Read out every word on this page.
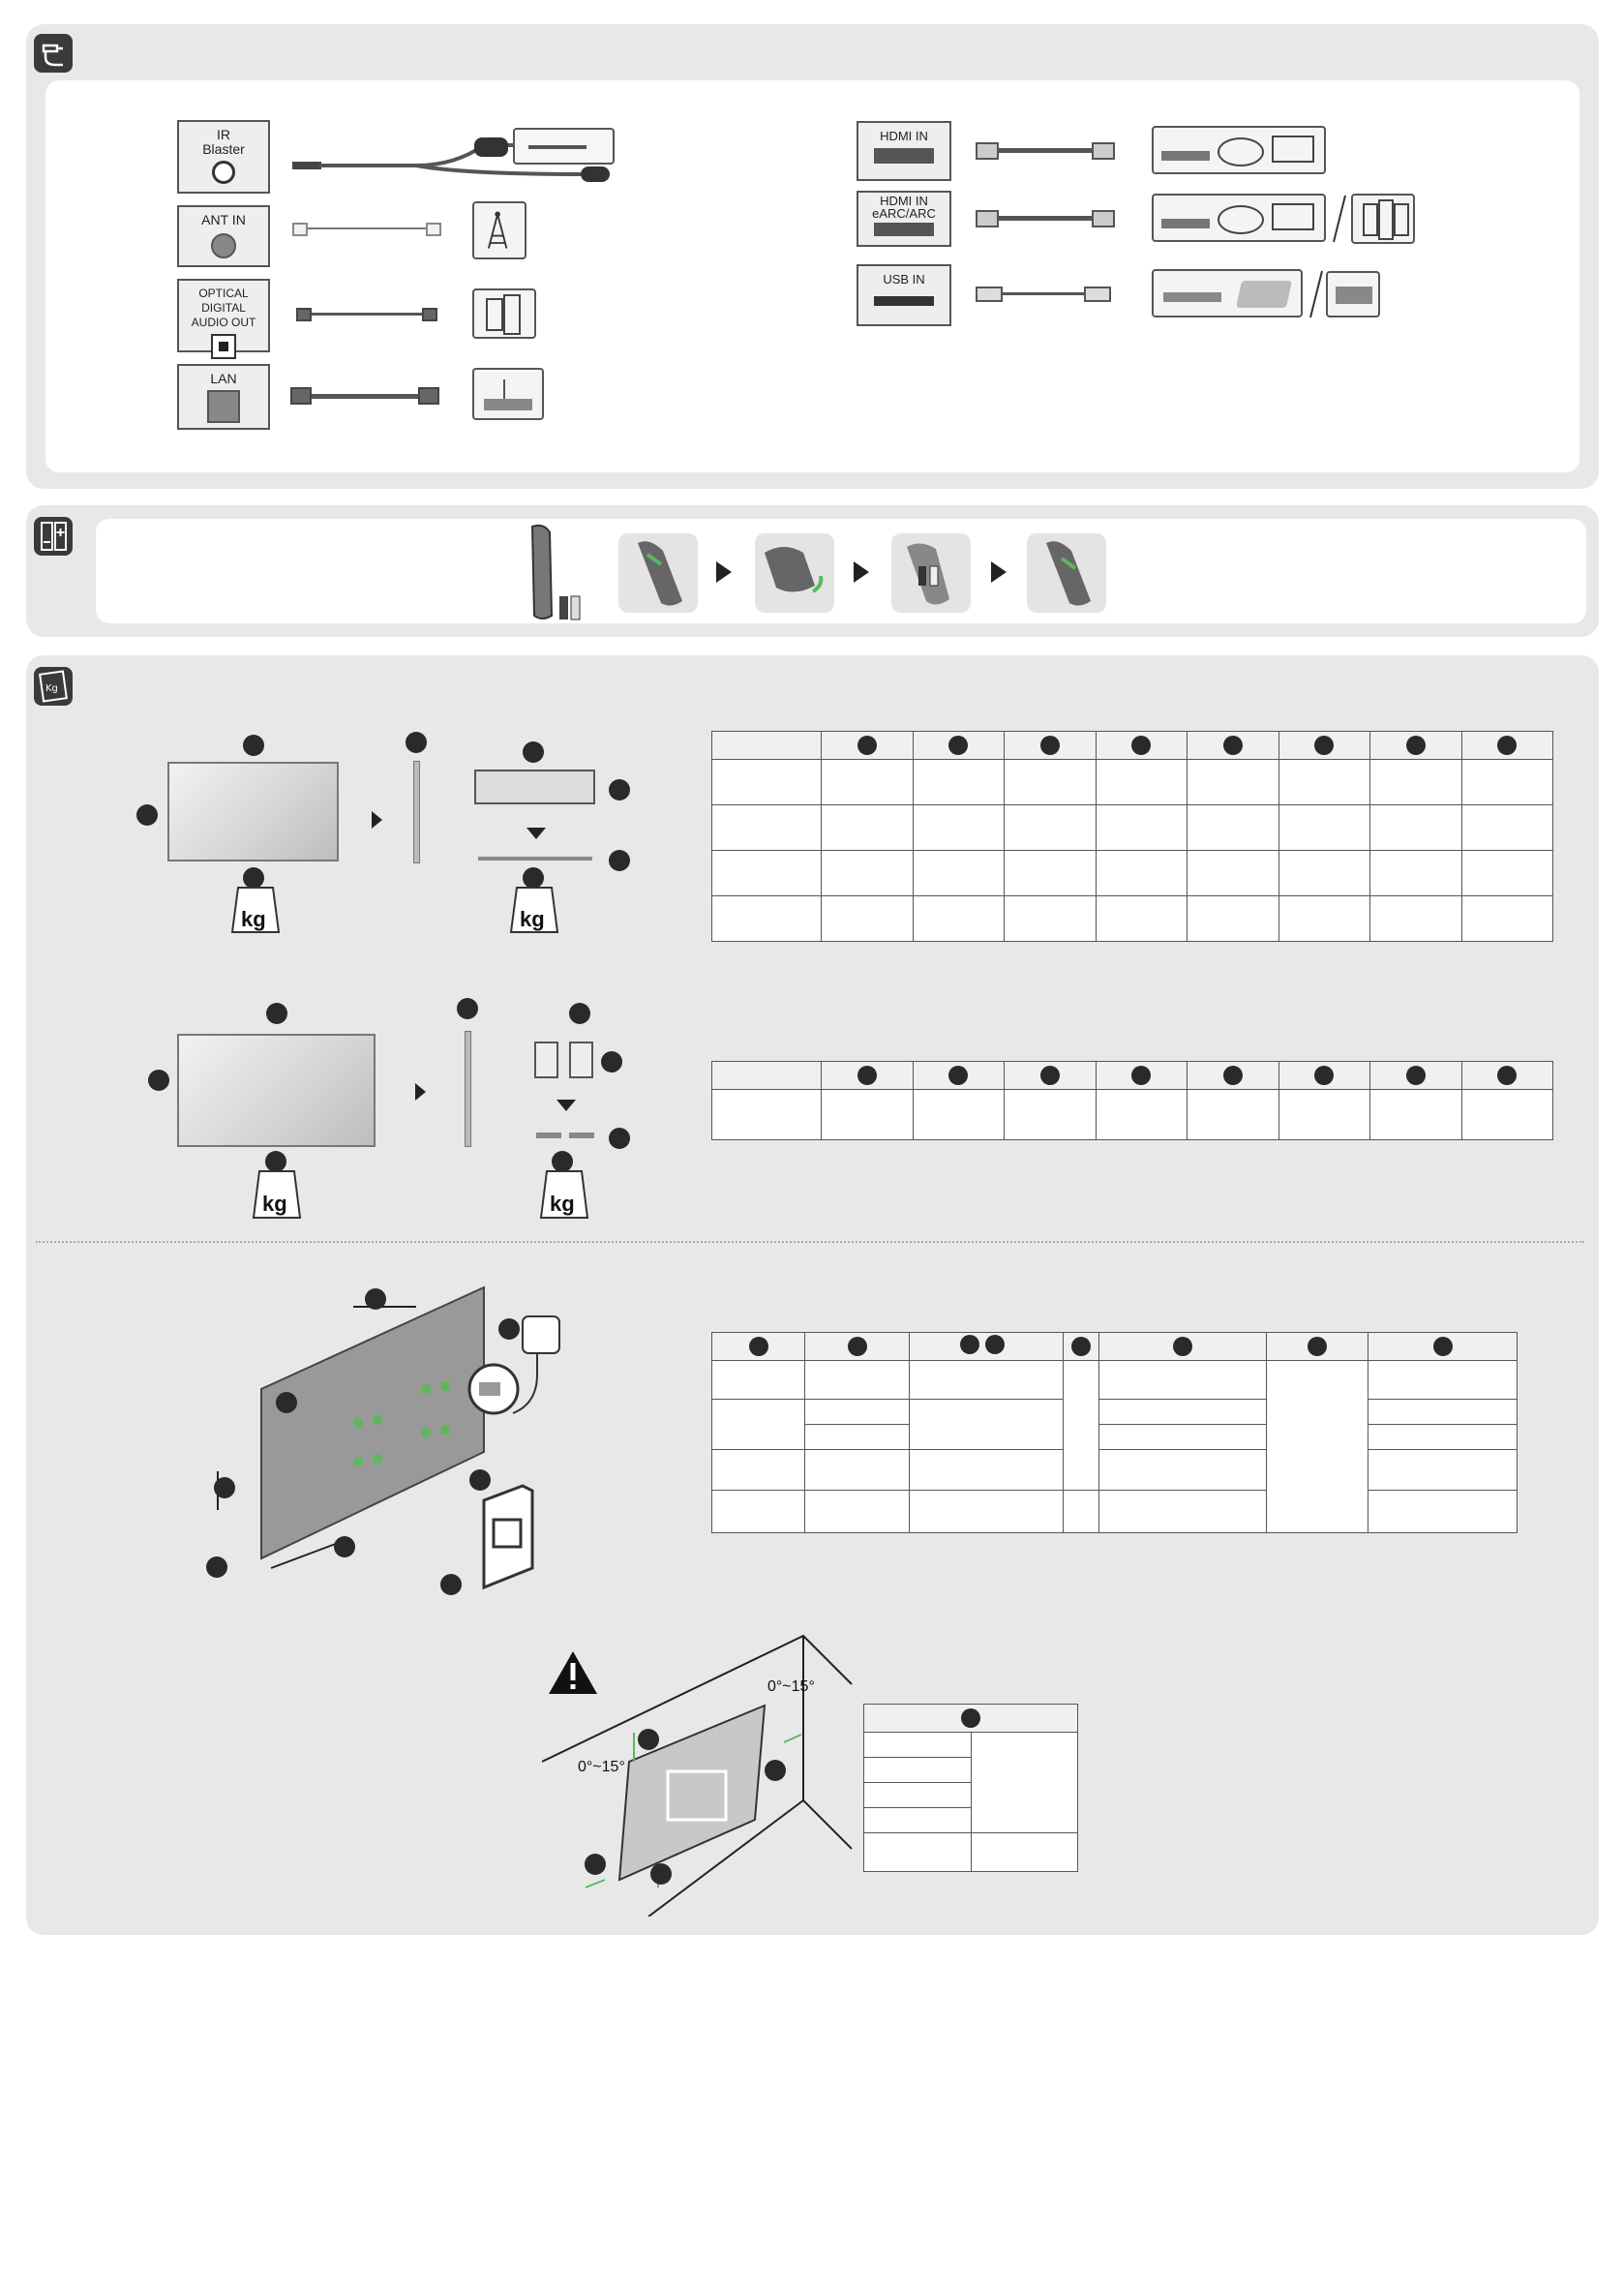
IR
Blaster
ANT IN
OPTICAL DIGITAL
AUDIO OUT
LAN
HDMI IN
HDMI IN
eARC/ARC
USB IN
Kg
kg	kg

kg	kg

0°~15°
0°~15°
